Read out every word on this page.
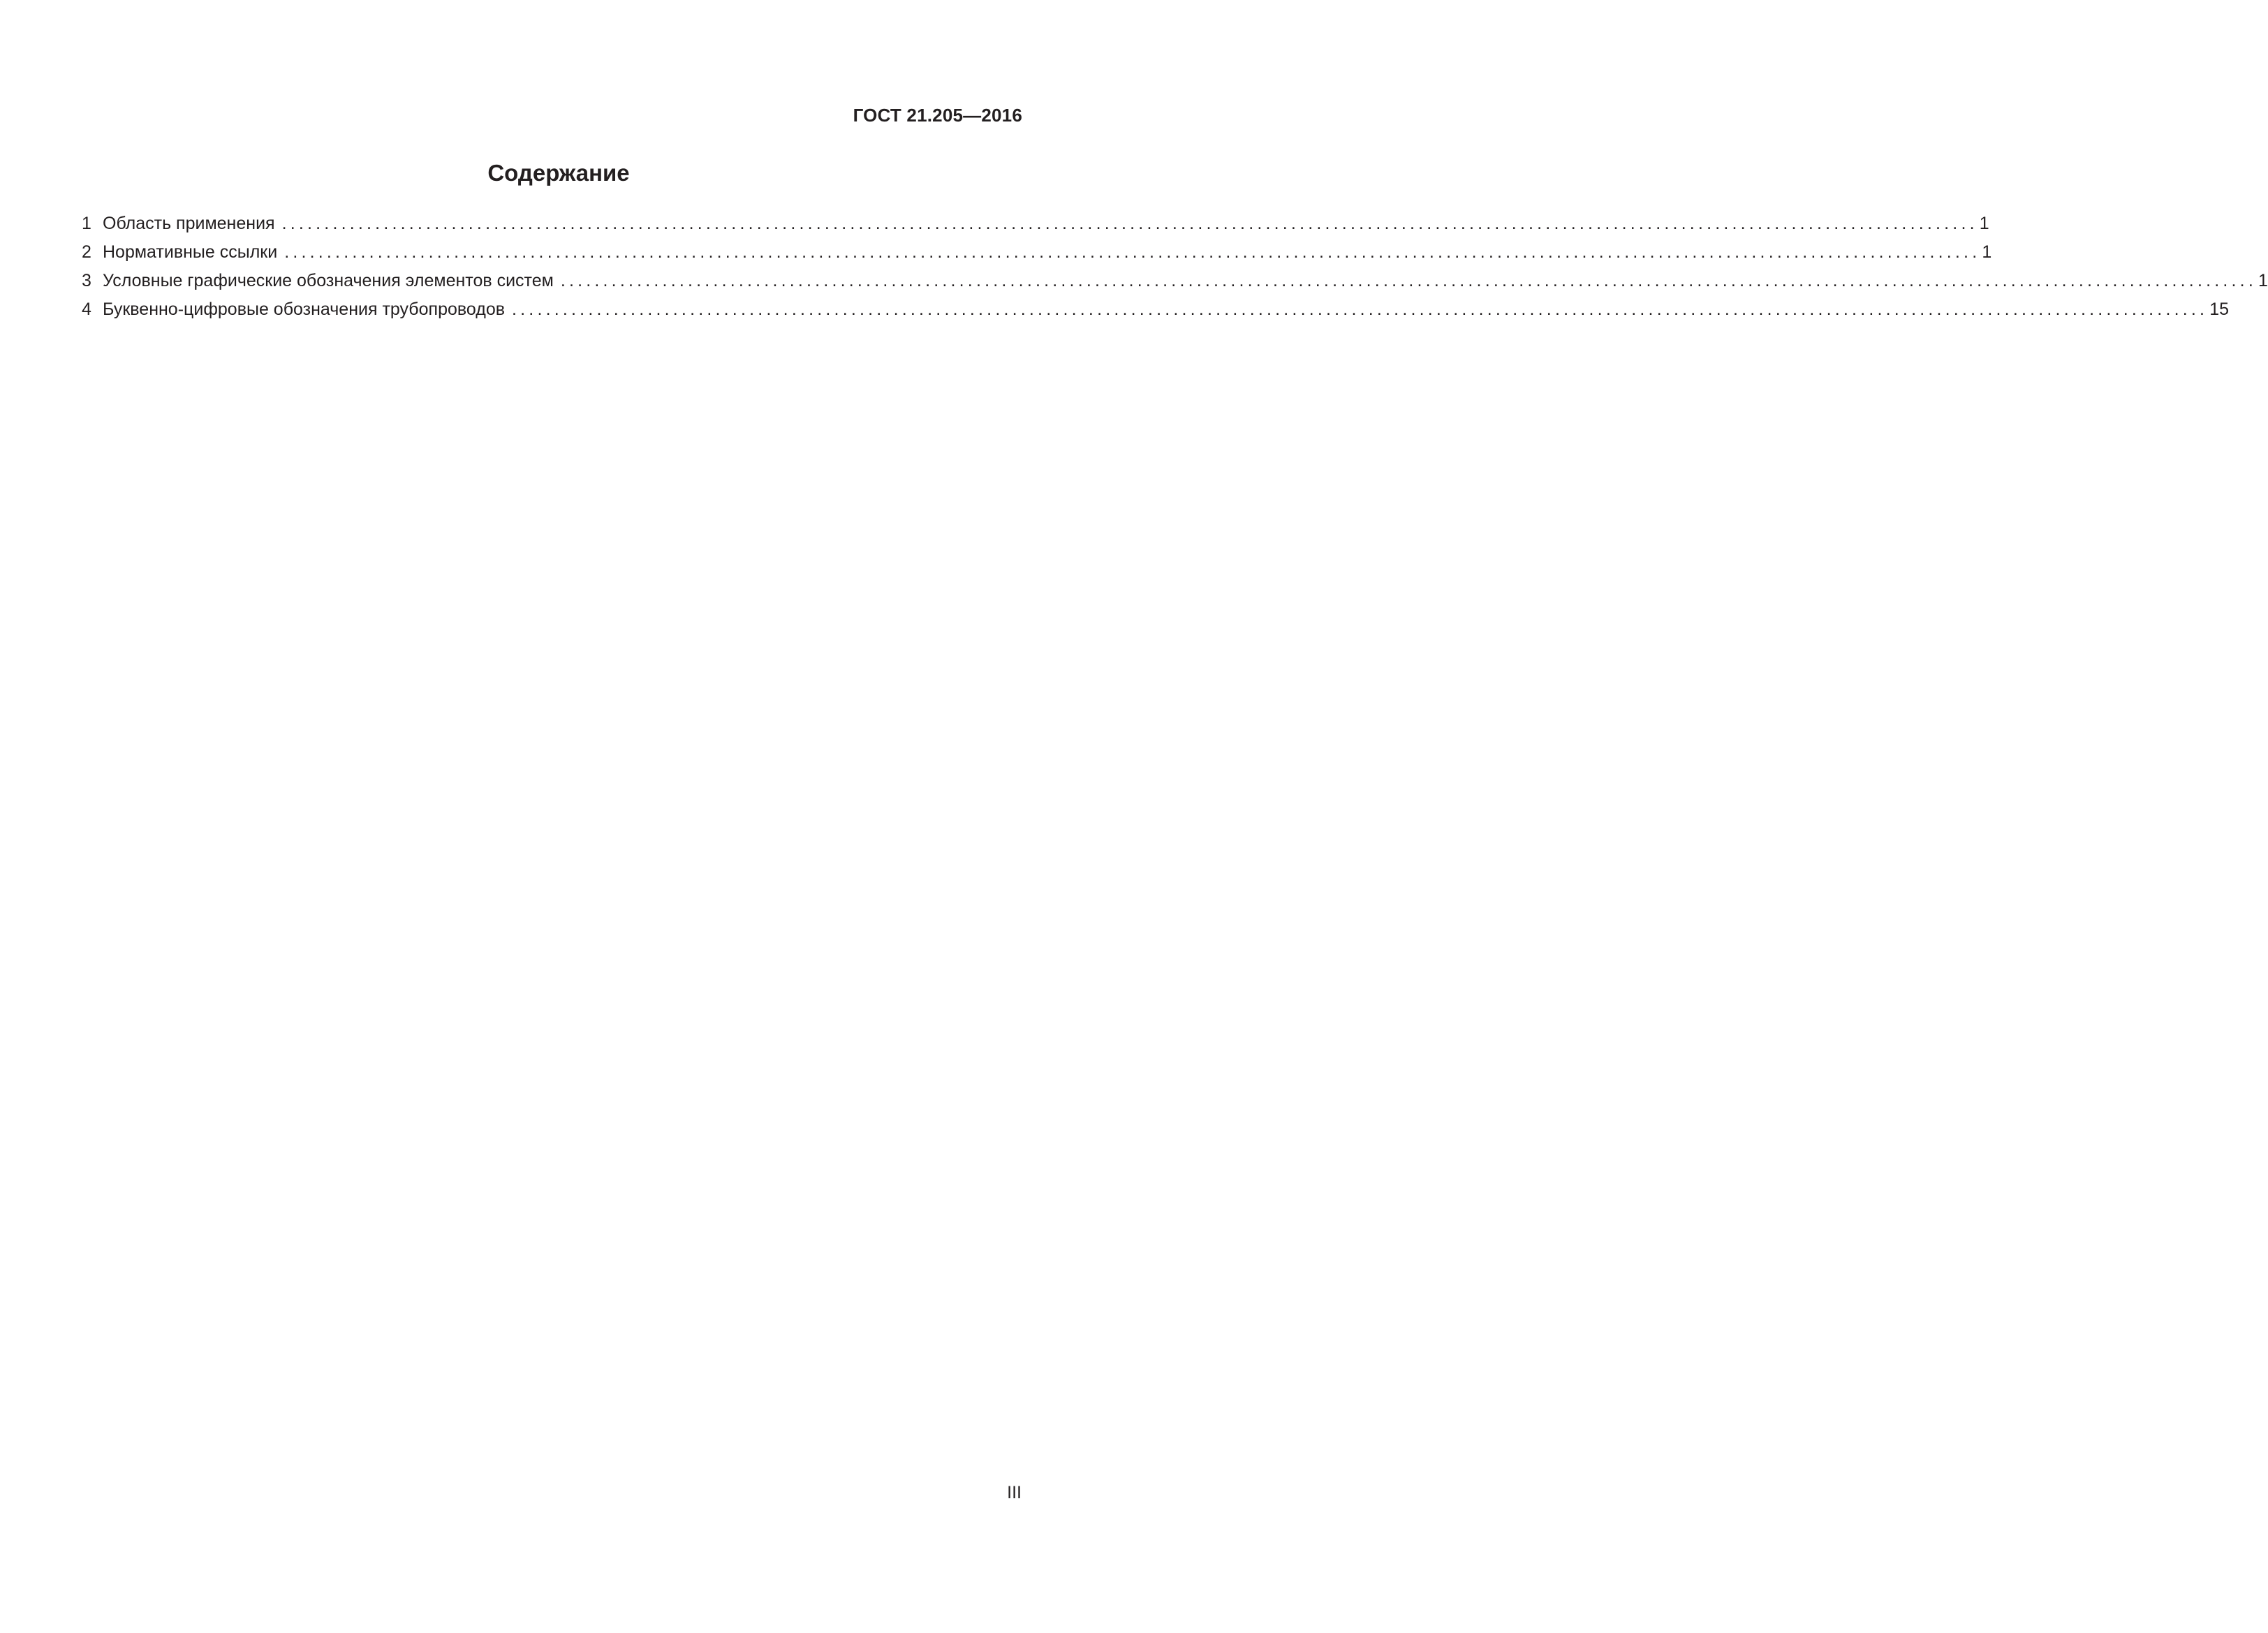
ГОСТ 21.205—2016
Содержание
1 Область применения ........................................................................................................................................................................................................ 1
2 Нормативные ссылки ........................................................................................................................................................................................................ 1
3 Условные графические обозначения элементов систем ........................................................................................................................................................................................................ 1
4 Буквенно-цифровые обозначения трубопроводов ........................................................................................................................................................................................................ 15
III
